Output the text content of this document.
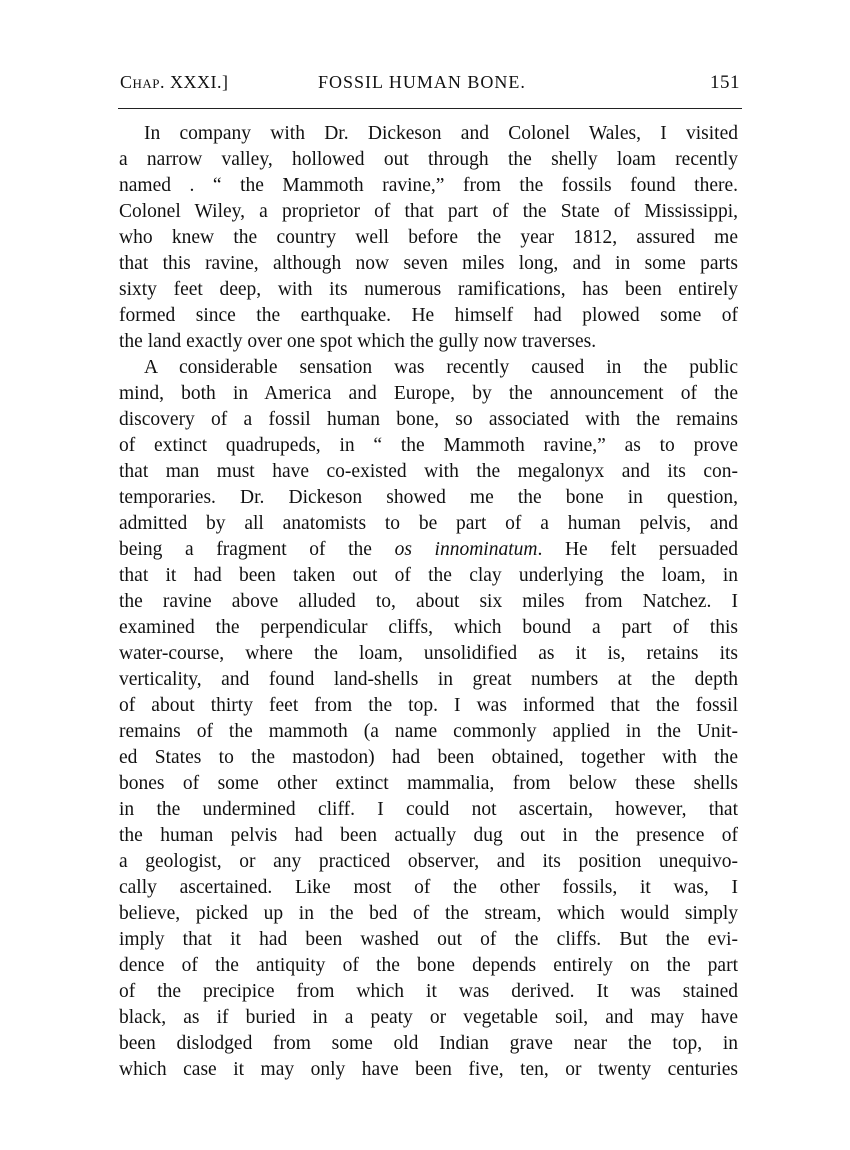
Chap. XXXI.]	FOSSIL HUMAN BONE.	151
In company with Dr. Dickeson and Colonel Wales, I visited
a narrow valley, hollowed out through the shelly loam recently
named . “ the Mammoth ravine,” from the fossils found there.
Colonel Wiley, a proprietor of that part of the State of Mississippi,
who knew the country well before the year 1812, assured me
that this ravine, although now seven miles long, and in some parts
sixty feet deep, with its numerous ramifications, has been entirely
formed since the earthquake. He himself had plowed some of
the land exactly over one spot which the gully now traverses.
A considerable sensation was recently caused in the public
mind, both in America and Europe, by the announcement of the
discovery of a fossil human bone, so associated with the remains
of extinct quadrupeds, in “ the Mammoth ravine,” as to prove
that man must have co-existed with the megalonyx and its con-
temporaries. Dr. Dickeson showed me the bone in question,
admitted by all anatomists to be part of a human pelvis, and
being a fragment of the os innominatum. He felt persuaded
that it had been taken out of the clay underlying the loam, in
the ravine above alluded to, about six miles from Natchez. I
examined the perpendicular cliffs, which bound a part of this
water-course, where the loam, unsolidified as it is, retains its
verticality, and found land-shells in great numbers at the depth
of about thirty feet from the top. I was informed that the fossil
remains of the mammoth (a name commonly applied in the Unit-
ed States to the mastodon) had been obtained, together with the
bones of some other extinct mammalia, from below these shells
in the undermined cliff. I could not ascertain, however, that
the human pelvis had been actually dug out in the presence of
a geologist, or any practiced observer, and its position unequivo-
cally ascertained. Like most of the other fossils, it was, I
believe, picked up in the bed of the stream, which would simply
imply that it had been washed out of the cliffs. But the evi-
dence of the antiquity of the bone depends entirely on the part
of the precipice from which it was derived. It was stained
black, as if buried in a peaty or vegetable soil, and may have
been dislodged from some old Indian grave near the top, in
which case it may only have been five, ten, or twenty centuries
